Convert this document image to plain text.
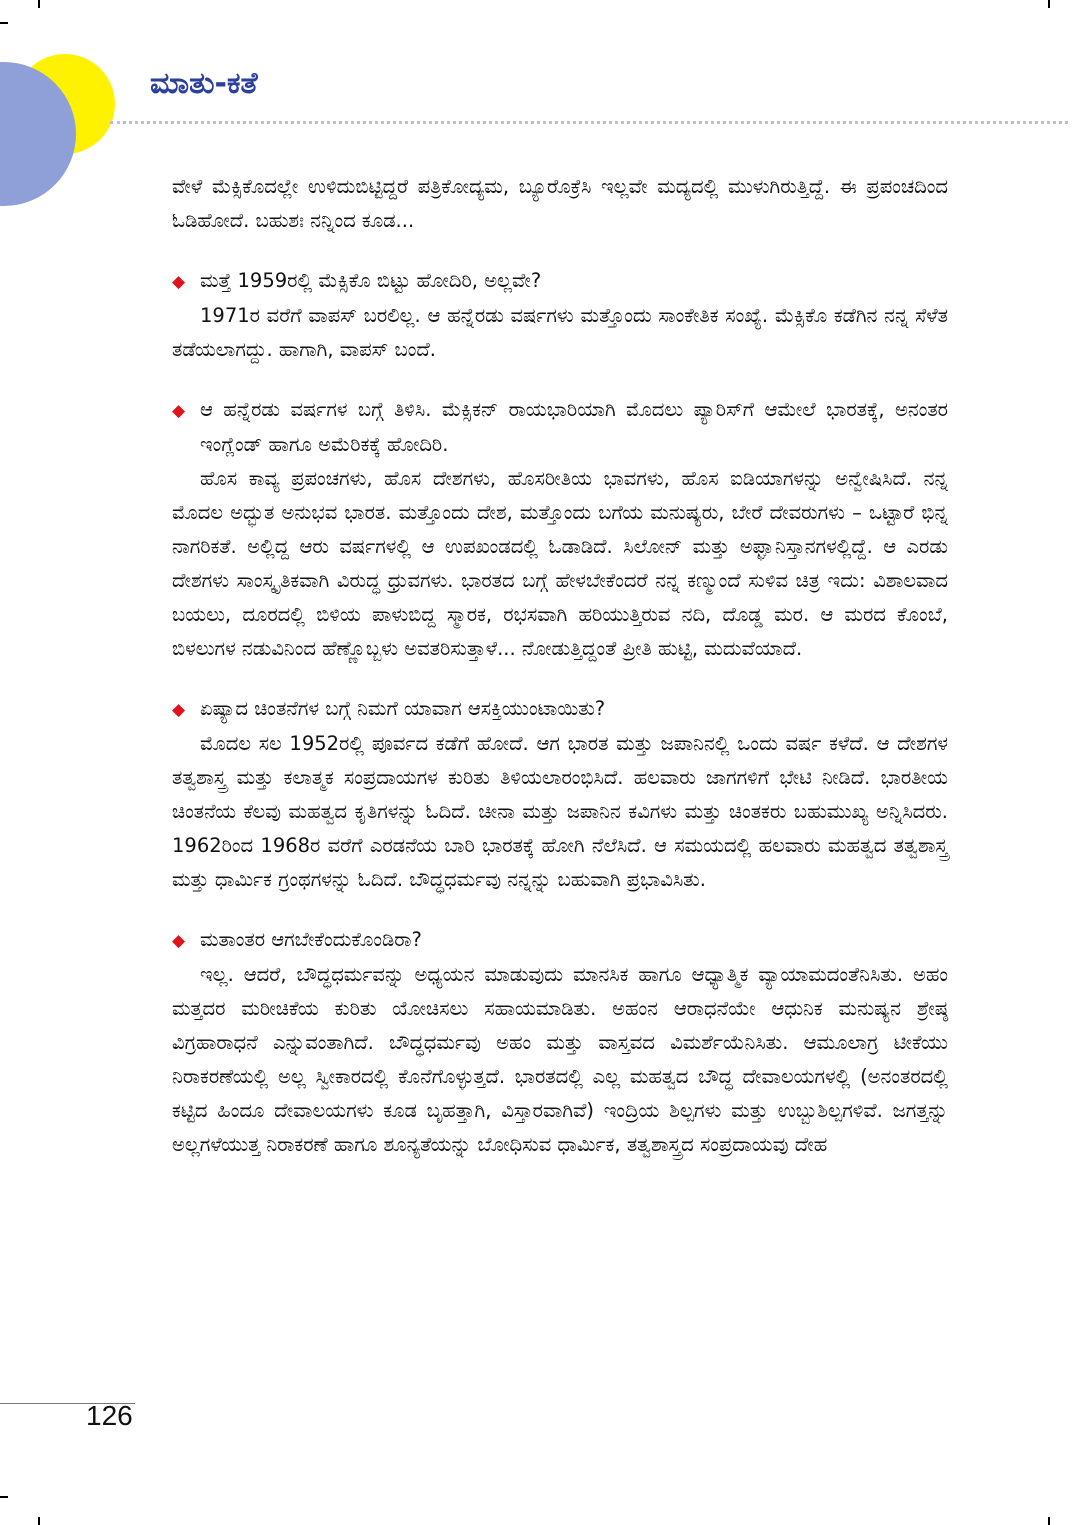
ಮಾತು-ಕತೆ

ವೇಳೆ ಮೆಕ್ಸಿಕೊದಲ್ಲೇ ಉಳಿದುಬಿಟ್ಟಿದ್ದರೆ ಪತ್ರಿಕೋದ್ಯಮ, ಬ್ಯೂರೊಕ್ರೆಸಿ ಇಲ್ಲವೇ ಮದ್ಯದಲ್ಲಿ ಮುಳುಗಿರುತ್ತಿದ್ದೆ. ಈ ಪ್ರಪಂಚದಿಂದ ಓಡಿಹೋದೆ. ಬಹುಶಃ ನನ್ನಿಂದ ಕೂಡ...

◆ ಮತ್ತೆ 1959ರಲ್ಲಿ ಮೆಕ್ಸಿಕೊ ಬಿಟ್ಟು ಹೋದಿರಿ, ಅಲ್ಲವೇ?

1971ರ ವರೆಗೆ ವಾಪಸ್ ಬರಲಿಲ್ಲ. ಆ ಹನ್ನೆರಡು ವರ್ಷಗಳು ಮತ್ತೊಂದು ಸಾಂಕೇತಿಕ ಸಂಖ್ಯೆ. ಮೆಕ್ಸಿಕೊ ಕಡೆಗಿನ ನನ್ನ ಸೆಳೆತ ತಡೆಯಲಾಗದ್ದು. ಹಾಗಾಗಿ, ವಾಪಸ್ ಬಂದೆ.

◆ ಆ ಹನ್ನೆರಡು ವರ್ಷಗಳ ಬಗ್ಗೆ ತಿಳಿಸಿ. ಮೆಕ್ಸಿಕನ್ ರಾಯಭಾರಿಯಾಗಿ ಮೊದಲು ಪ್ಯಾರಿಸ್‌ಗೆ ಆಮೇಲೆ ಭಾರತಕ್ಕೆ, ಅನಂತರ ಇಂಗ್ಲೆಂಡ್ ಹಾಗೂ ಅಮೆರಿಕಕ್ಕೆ ಹೋದಿರಿ.

ಹೊಸ ಕಾವ್ಯ ಪ್ರಪಂಚಗಳು, ಹೊಸ ದೇಶಗಳು, ಹೊಸರೀತಿಯ ಭಾವಗಳು, ಹೊಸ ಐಡಿಯಾಗಳನ್ನು ಅನ್ವೇಷಿಸಿದೆ. ನನ್ನ ಮೊದಲ ಅದ್ಭುತ ಅನುಭವ ಭಾರತ. ಮತ್ತೊಂದು ದೇಶ, ಮತ್ತೊಂದು ಬಗೆಯ ಮನುಷ್ಯರು, ಬೇರೆ ದೇವರುಗಳು – ಒಟ್ಟಾರೆ ಭಿನ್ನ ನಾಗರಿಕತೆ. ಅಲ್ಲಿದ್ದ ಆರು ವರ್ಷಗಳಲ್ಲಿ ಆ ಉಪಖಂಡದಲ್ಲಿ ಓಡಾಡಿದೆ. ಸಿಲೋನ್ ಮತ್ತು ಅಫ್ಘಾನಿಸ್ತಾನಗಳಲ್ಲಿದ್ದೆ. ಆ ಎರಡು ದೇಶಗಳು ಸಾಂಸ್ಕೃತಿಕವಾಗಿ ವಿರುದ್ಧ ಧ್ರುವಗಳು. ಭಾರತದ ಬಗ್ಗೆ ಹೇಳಬೇಕೆಂದರೆ ನನ್ನ ಕಣ್ಮುಂದೆ ಸುಳಿವ ಚಿತ್ರ ಇದು: ವಿಶಾಲವಾದ ಬಯಲು, ದೂರದಲ್ಲಿ ಬಿಳಿಯ ಪಾಳುಬಿದ್ದ ಸ್ಮಾರಕ, ರಭಸವಾಗಿ ಹರಿಯುತ್ತಿರುವ ನದಿ, ದೊಡ್ಡ ಮರ. ಆ ಮರದ ಕೊಂಬೆ, ಬಿಳಲುಗಳ ನಡುವಿನಿಂದ ಹೆಣ್ಣೊಬ್ಬಳು ಅವತರಿಸುತ್ತಾಳೆ... ನೋಡುತ್ತಿದ್ದಂತೆ ಪ್ರೀತಿ ಹುಟ್ಟಿ, ಮದುವೆಯಾದೆ.

◆ ಏಷ್ಯಾದ ಚಿಂತನೆಗಳ ಬಗ್ಗೆ ನಿಮಗೆ ಯಾವಾಗ ಆಸಕ್ತಿಯುಂಟಾಯಿತು?

ಮೊದಲ ಸಲ 1952ರಲ್ಲಿ ಪೂರ್ವದ ಕಡೆಗೆ ಹೋದೆ. ಆಗ ಭಾರತ ಮತ್ತು ಜಪಾನಿನಲ್ಲಿ ಒಂದು ವರ್ಷ ಕಳೆದೆ. ಆ ದೇಶಗಳ ತತ್ವಶಾಸ್ತ್ರ ಮತ್ತು ಕಲಾತ್ಮಕ ಸಂಪ್ರದಾಯಗಳ ಕುರಿತು ತಿಳಿಯಲಾರಂಭಿಸಿದೆ. ಹಲವಾರು ಜಾಗಗಳಿಗೆ ಭೇಟಿ ನೀಡಿದೆ. ಭಾರತೀಯ ಚಿಂತನೆಯ ಕೆಲವು ಮಹತ್ವದ ಕೃತಿಗಳನ್ನು ಓದಿದೆ. ಚೀನಾ ಮತ್ತು ಜಪಾನಿನ ಕವಿಗಳು ಮತ್ತು ಚಿಂತಕರು ಬಹುಮುಖ್ಯ ಅನ್ನಿಸಿದರು. 1962ರಿಂದ 1968ರ ವರೆಗೆ ಎರಡನೆಯ ಬಾರಿ ಭಾರತಕ್ಕೆ ಹೋಗಿ ನೆಲೆಸಿದೆ. ಆ ಸಮಯದಲ್ಲಿ ಹಲವಾರು ಮಹತ್ವದ ತತ್ವಶಾಸ್ತ್ರ ಮತ್ತು ಧಾರ್ಮಿಕ ಗ್ರಂಥಗಳನ್ನು ಓದಿದೆ. ಬೌದ್ಧಧರ್ಮವು ನನ್ನನ್ನು ಬಹುವಾಗಿ ಪ್ರಭಾವಿಸಿತು.

◆ ಮತಾಂತರ ಆಗಬೇಕೆಂದುಕೊಂಡಿರಾ?

ಇಲ್ಲ. ಆದರೆ, ಬೌದ್ಧಧರ್ಮವನ್ನು ಅಧ್ಯಯನ ಮಾಡುವುದು ಮಾನಸಿಕ ಹಾಗೂ ಆಧ್ಯಾತ್ಮಿಕ ವ್ಯಾಯಾಮದಂತೆನಿಸಿತು. ಅಹಂ ಮತ್ತದರ ಮರೀಚಿಕೆಯ ಕುರಿತು ಯೋಚಿಸಲು ಸಹಾಯಮಾಡಿತು. ಅಹಂನ ಆರಾಧನೆಯೇ ಆಧುನಿಕ ಮನುಷ್ಯನ ಶ್ರೇಷ್ಠ ವಿಗ್ರಹಾರಾಧನೆ ಎನ್ನುವಂತಾಗಿದೆ. ಬೌದ್ಧಧರ್ಮವು ಅಹಂ ಮತ್ತು ವಾಸ್ತವದ ವಿಮರ್ಶೆಯೆನಿಸಿತು. ಆಮೂಲಾಗ್ರ ಟೀಕೆಯು ನಿರಾಕರಣೆಯಲ್ಲಿ ಅಲ್ಲ ಸ್ವೀಕಾರದಲ್ಲಿ ಕೊನೆಗೊಳ್ಳುತ್ತದೆ. ಭಾರತದಲ್ಲಿ ಎಲ್ಲ ಮಹತ್ವದ ಬೌದ್ಧ ದೇವಾಲಯಗಳಲ್ಲಿ (ಅನಂತರದಲ್ಲಿ ಕಟ್ಟಿದ ಹಿಂದೂ ದೇವಾಲಯಗಳು ಕೂಡ ಬೃಹತ್ತಾಗಿ, ವಿಸ್ತಾರವಾಗಿವೆ) ಇಂದ್ರಿಯ ಶಿಲ್ಪಗಳು ಮತ್ತು ಉಬ್ಬುಶಿಲ್ಪಗಳಿವೆ. ಜಗತ್ತನ್ನು ಅಲ್ಲಗಳೆಯುತ್ತ ನಿರಾಕರಣೆ ಹಾಗೂ ಶೂನ್ಯತೆಯನ್ನು ಬೋಧಿಸುವ ಧಾರ್ಮಿಕ, ತತ್ವಶಾಸ್ತ್ರದ ಸಂಪ್ರದಾಯವು ದೇಹ

126
